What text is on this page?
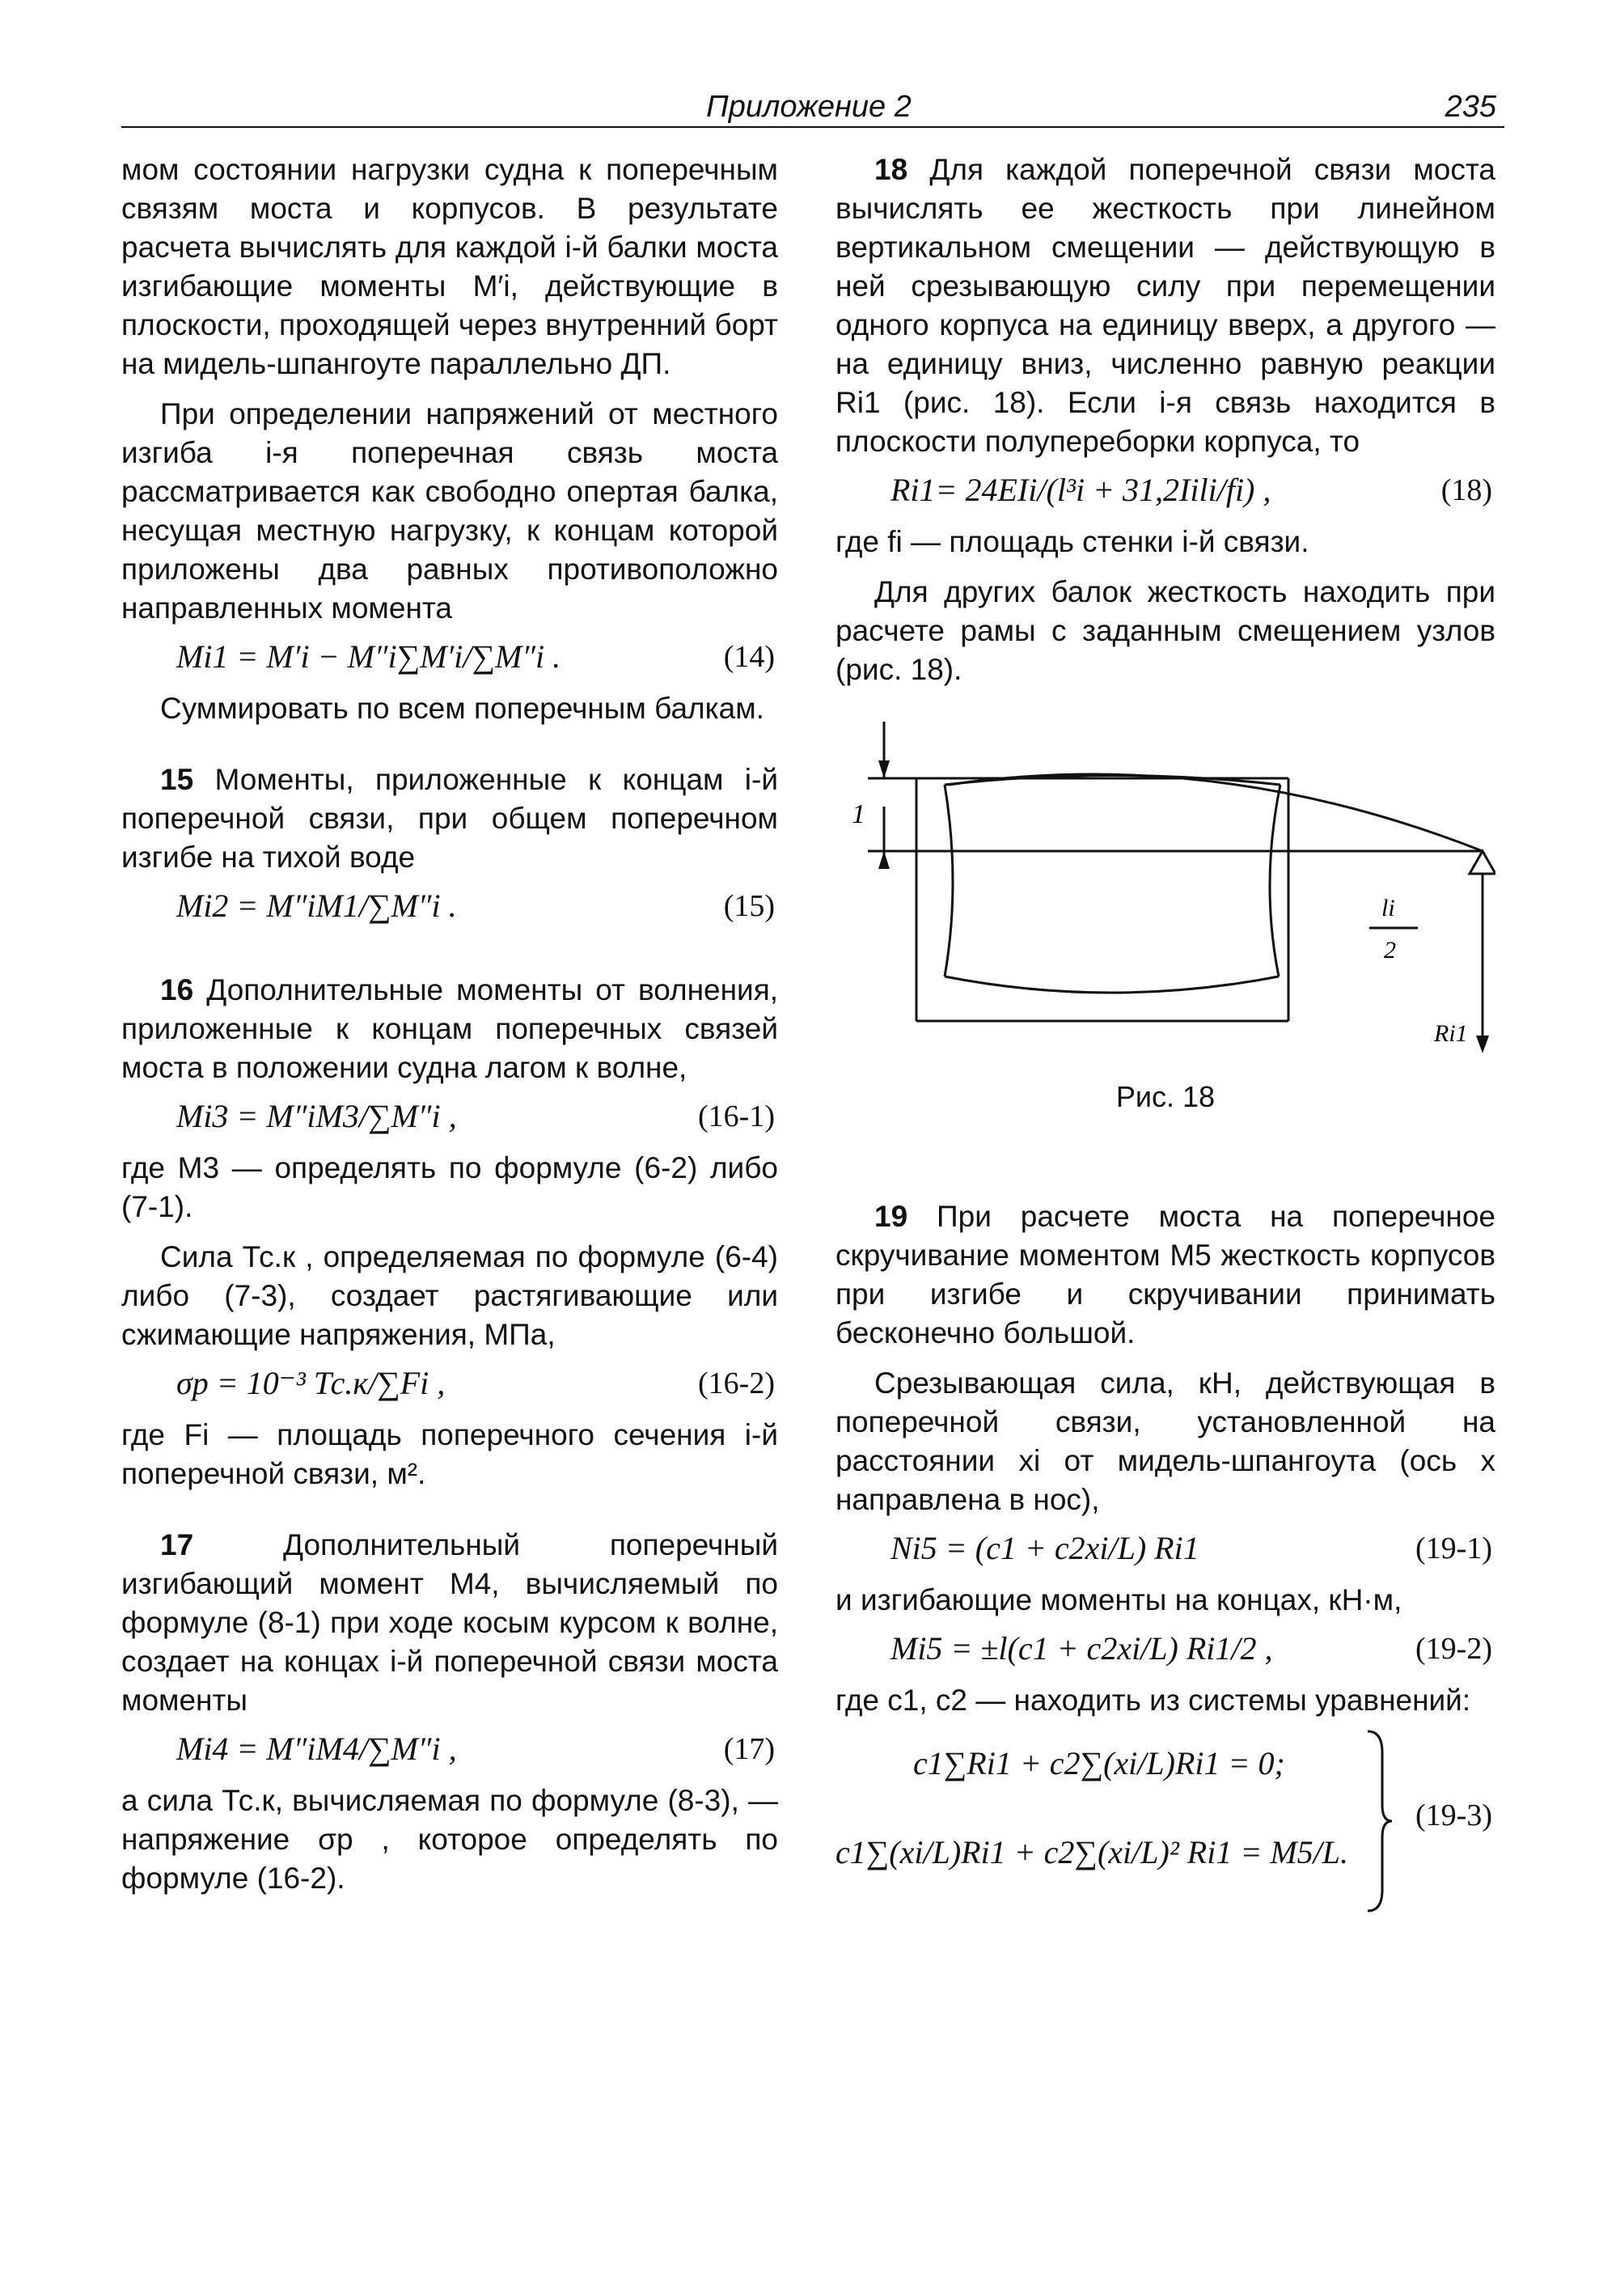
Приложение 2	235

мом состоянии нагрузки судна к поперечным связям моста и корпусов. В результате расчета вычислять для каждой i-й балки моста изгибающие моменты M′i, действующие в плоскости, проходящей через внутренний борт на мидель-шпангоуте параллельно ДП.

При определении напряжений от местного изгиба i-я поперечная связь моста рассматривается как свободно опертая балка, несущая местную нагрузку, к концам которой приложены два равных противоположно направленных момента

Mi1 = M′i − M″i∑M′i/∑M″i .	(14)

Суммировать по всем поперечным балкам.

15 Моменты, приложенные к концам i-й поперечной связи, при общем поперечном изгибе на тихой воде

Mi2 = M″iM1/∑M″i .	(15)

16 Дополнительные моменты от волнения, приложенные к концам поперечных связей моста в положении судна лагом к волне,

Mi3 = M″iM3/∑M″i ,	(16-1)

где M3 — определять по формуле (6-2) либо (7-1).

Сила Тс.к , определяемая по формуле (6-4) либо (7-3), создает растягивающие или сжимающие напряжения, МПа,

σр = 10⁻³ Тс.к/∑Fi ,	(16-2)

где Fi — площадь поперечного сечения i-й поперечной связи, м².

17	Дополнительный поперечный изгибающий момент M4, вычисляемый по формуле (8-1) при ходе косым курсом к волне, создает на концах i-й поперечной связи моста моменты

Mi4 = M″iM4/∑M″i ,	(17)

а сила Тс.к, вычисляемая по формуле (8-3), — напряжение σр , которое определять по формуле (16-2).

18 Для каждой поперечной связи моста вычислять ее жесткость при линейном вертикальном смещении — действующую в ней срезывающую силу при перемещении одного корпуса на единицу вверх, а другого — на единицу вниз, численно равную реакции Ri1 (рис. 18). Если i-я связь находится в плоскости полупереборки корпуса, то

Ri1= 24EIi/(l³i + 31,2Iili/fi) ,	(18)

где fi — площадь стенки i-й связи.

Для других балок жесткость находить при расчете рамы с заданным смещением узлов (рис. 18).

1
li
2
Ri1
Рис. 18

19 При расчете моста на поперечное скручивание моментом M5 жесткость корпусов при изгибе и скручивании принимать бесконечно большой.

Срезывающая сила, кН, действующая в поперечной связи, установленной на расстоянии xi от мидель-шпангоута (ось x направлена в нос),

Ni5 = (c1 + c2xi/L) Ri1	(19-1)

и изгибающие моменты на концах, кН·м,

Mi5 = ±l(c1 + c2xi/L) Ri1/2 ,	(19-2)

где c1, c2 — находить из системы уравнений:

c1∑Ri1 + c2∑(xi/L)Ri1 = 0;
c1∑(xi/L)Ri1 + c2∑(xi/L)² Ri1 = M5/L.
(19-3)
